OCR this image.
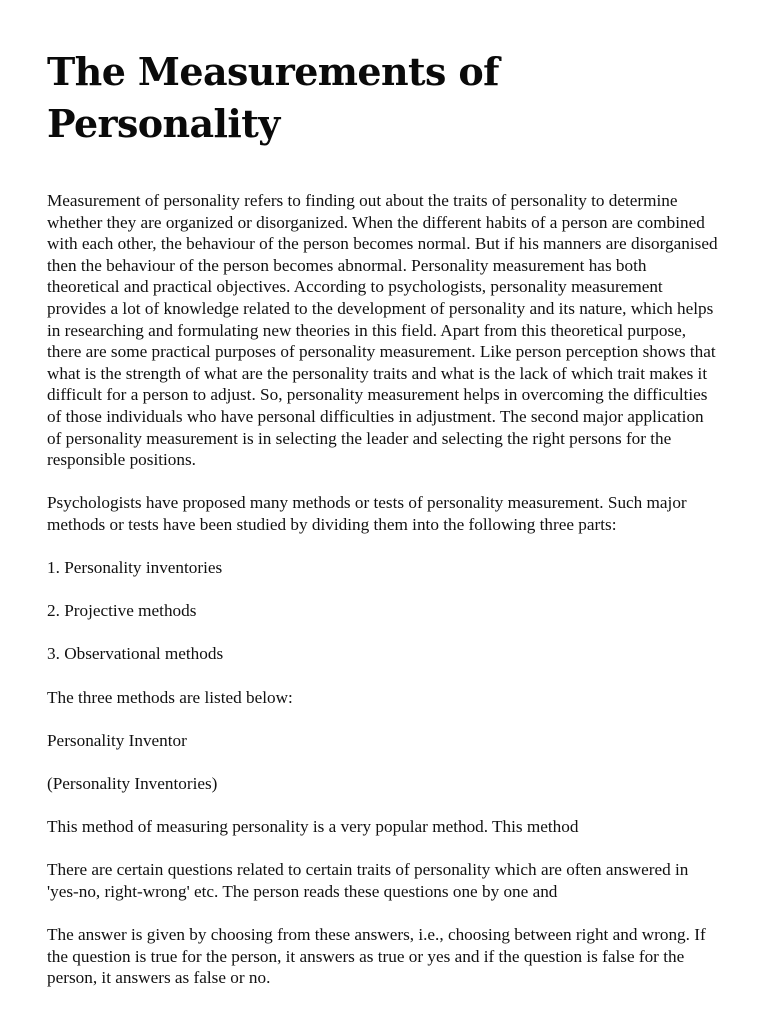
The Measurements of Personality

Measurement of personality refers to finding out about the traits of personality to determine whether they are organized or disorganized. When the different habits of a person are combined with each other, the behaviour of the person becomes normal. But if his manners are disorganised then the behaviour of the person becomes abnormal. Personality measurement has both theoretical and practical objectives. According to psychologists, personality measurement provides a lot of knowledge related to the development of personality and its nature, which helps in researching and formulating new theories in this field. Apart from this theoretical purpose, there are some practical purposes of personality measurement. Like person perception shows that what is the strength of what are the personality traits and what is the lack of which trait makes it difficult for a person to adjust. So, personality measurement helps in overcoming the difficulties of those individuals who have personal difficulties in adjustment. The second major application of personality measurement is in selecting the leader and selecting the right persons for the responsible positions.

Psychologists have proposed many methods or tests of personality measurement. Such major methods or tests have been studied by dividing them into the following three parts:

1. Personality inventories

2. Projective methods

3. Observational methods

The three methods are listed below:

Personality Inventor

(Personality Inventories)

This method of measuring personality is a very popular method. This method

There are certain questions related to certain traits of personality which are often answered in 'yes-no, right-wrong' etc. The person reads these questions one by one and

The answer is given by choosing from these answers, i.e., choosing between right and wrong. If the question is true for the person, it answers as true or yes and if the question is false for the person, it answers as false or no.
